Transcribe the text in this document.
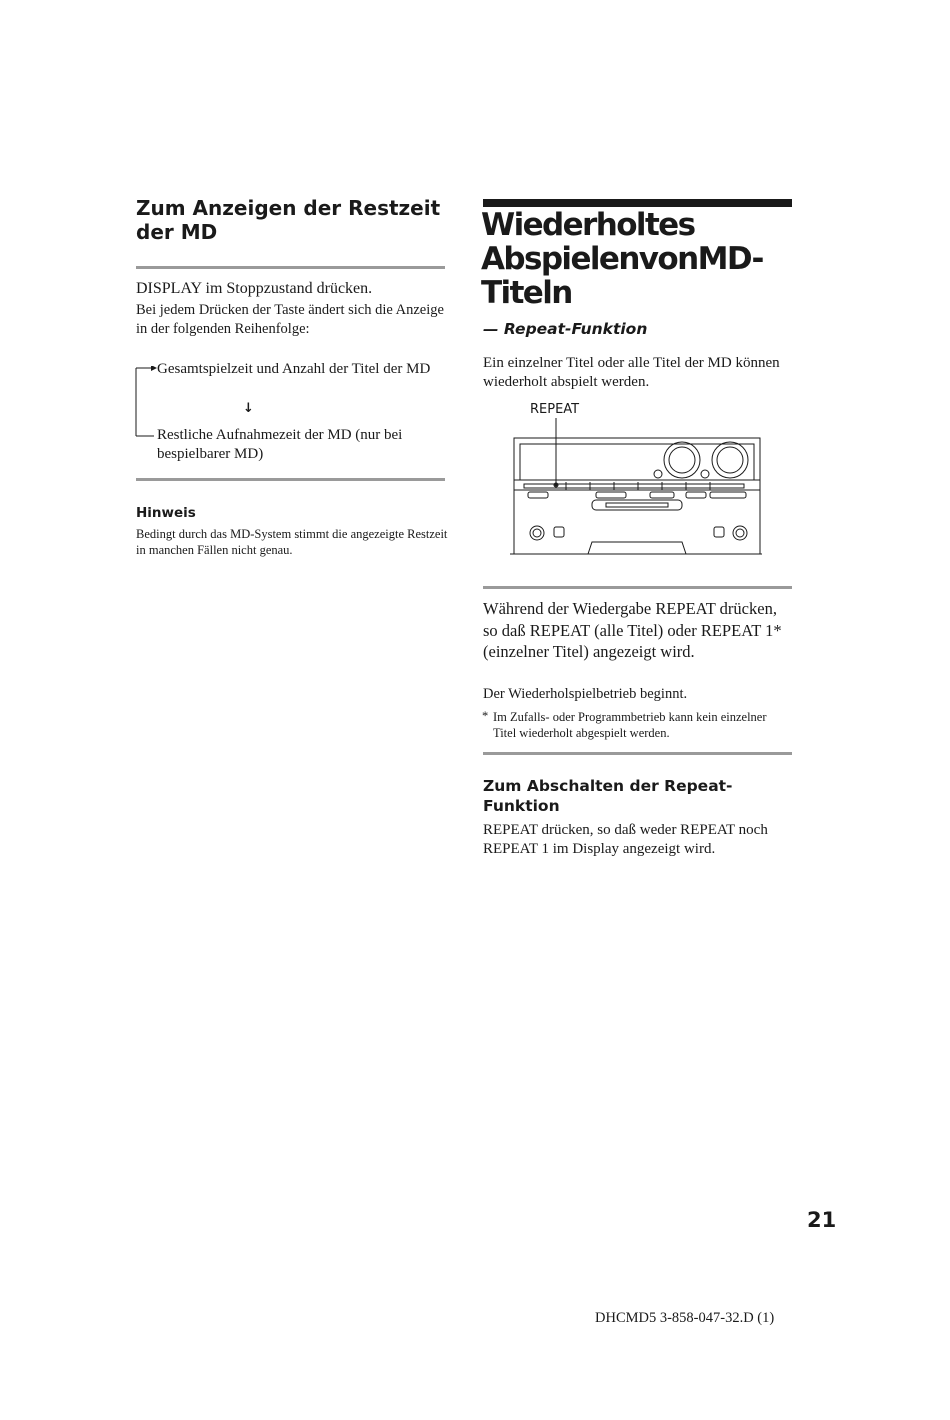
Zum Anzeigen der Restzeit der MD
DISPLAY im Stoppzustand drücken.
Bei jedem Drücken der Taste ändert sich die Anzeige in der folgenden Reihenfolge:
Gesamtspielzeit und Anzahl der Titel der MD
↓
Restliche Aufnahmezeit der MD (nur bei bespielbarer MD)
Hinweis
Bedingt durch das MD-System stimmt die angezeigte Restzeit in manchen Fällen nicht genau.
Wiederholtes AbspielenvonMD-Titeln
— Repeat-Funktion
Ein einzelner Titel oder alle Titel der MD können wiederholt abspielt werden.
REPEAT
Während der Wiedergabe REPEAT drücken, so daß REPEAT (alle Titel) oder REPEAT 1* (einzelner Titel) angezeigt wird.
Der Wiederholspielbetrieb beginnt.
* Im Zufalls- oder Programmbetrieb kann kein einzelner Titel wiederholt abgespielt werden.
Zum Abschalten der Repeat-Funktion
REPEAT drücken, so daß weder REPEAT noch REPEAT 1 im Display angezeigt wird.
21
DHCMD5 3-858-047-32.D (1)
